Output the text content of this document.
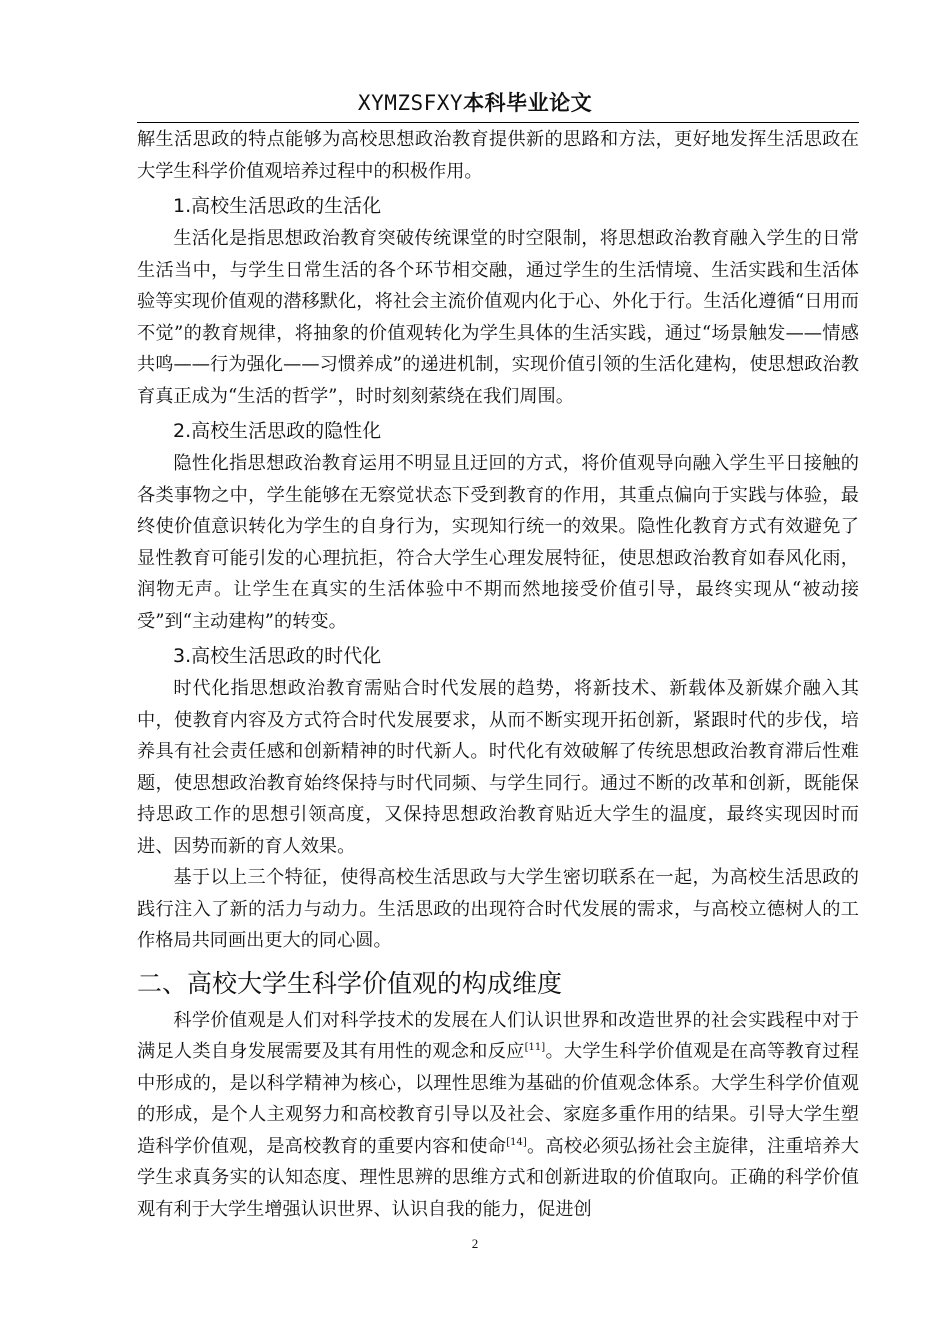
XYMZSFXY本科毕业论文

解生活思政的特点能够为高校思想政治教育提供新的思路和方法，更好地发挥生活思政在大学生科学价值观培养过程中的积极作用。

1.高校生活思政的生活化

生活化是指思想政治教育突破传统课堂的时空限制，将思想政治教育融入学生的日常生活当中，与学生日常生活的各个环节相交融，通过学生的生活情境、生活实践和生活体验等实现价值观的潜移默化，将社会主流价值观内化于心、外化于行。生活化遵循“日用而不觉”的教育规律，将抽象的价值观转化为学生具体的生活实践，通过“场景触发——情感共鸣——行为强化——习惯养成”的递进机制，实现价值引领的生活化建构，使思想政治教育真正成为“生活的哲学”，时时刻刻萦绕在我们周围。

2.高校生活思政的隐性化

隐性化指思想政治教育运用不明显且迂回的方式，将价值观导向融入学生平日接触的各类事物之中，学生能够在无察觉状态下受到教育的作用，其重点偏向于实践与体验，最终使价值意识转化为学生的自身行为，实现知行统一的效果。隐性化教育方式有效避免了显性教育可能引发的心理抗拒，符合大学生心理发展特征，使思想政治教育如春风化雨，润物无声。让学生在真实的生活体验中不期而然地接受价值引导，最终实现从“被动接受”到“主动建构”的转变。

3.高校生活思政的时代化

时代化指思想政治教育需贴合时代发展的趋势，将新技术、新载体及新媒介融入其中，使教育内容及方式符合时代发展要求，从而不断实现开拓创新，紧跟时代的步伐，培养具有社会责任感和创新精神的时代新人。时代化有效破解了传统思想政治教育滞后性难题，使思想政治教育始终保持与时代同频、与学生同行。通过不断的改革和创新，既能保持思政工作的思想引领高度，又保持思想政治教育贴近大学生的温度，最终实现因时而进、因势而新的育人效果。

基于以上三个特征，使得高校生活思政与大学生密切联系在一起，为高校生活思政的践行注入了新的活力与动力。生活思政的出现符合时代发展的需求，与高校立德树人的工作格局共同画出更大的同心圆。

二、高校大学生科学价值观的构成维度

科学价值观是人们对科学技术的发展在人们认识世界和改造世界的社会实践程中对于满足人类自身发展需要及其有用性的观念和反应[11]。大学生科学价值观是在高等教育过程中形成的，是以科学精神为核心，以理性思维为基础的价值观念体系。大学生科学价值观的形成，是个人主观努力和高校教育引导以及社会、家庭多重作用的结果。引导大学生塑造科学价值观，是高校教育的重要内容和使命[14]。高校必须弘扬社会主旋律，注重培养大学生求真务实的认知态度、理性思辨的思维方式和创新进取的价值取向。正确的科学价值观有利于大学生增强认识世界、认识自我的能力，促进创

2
